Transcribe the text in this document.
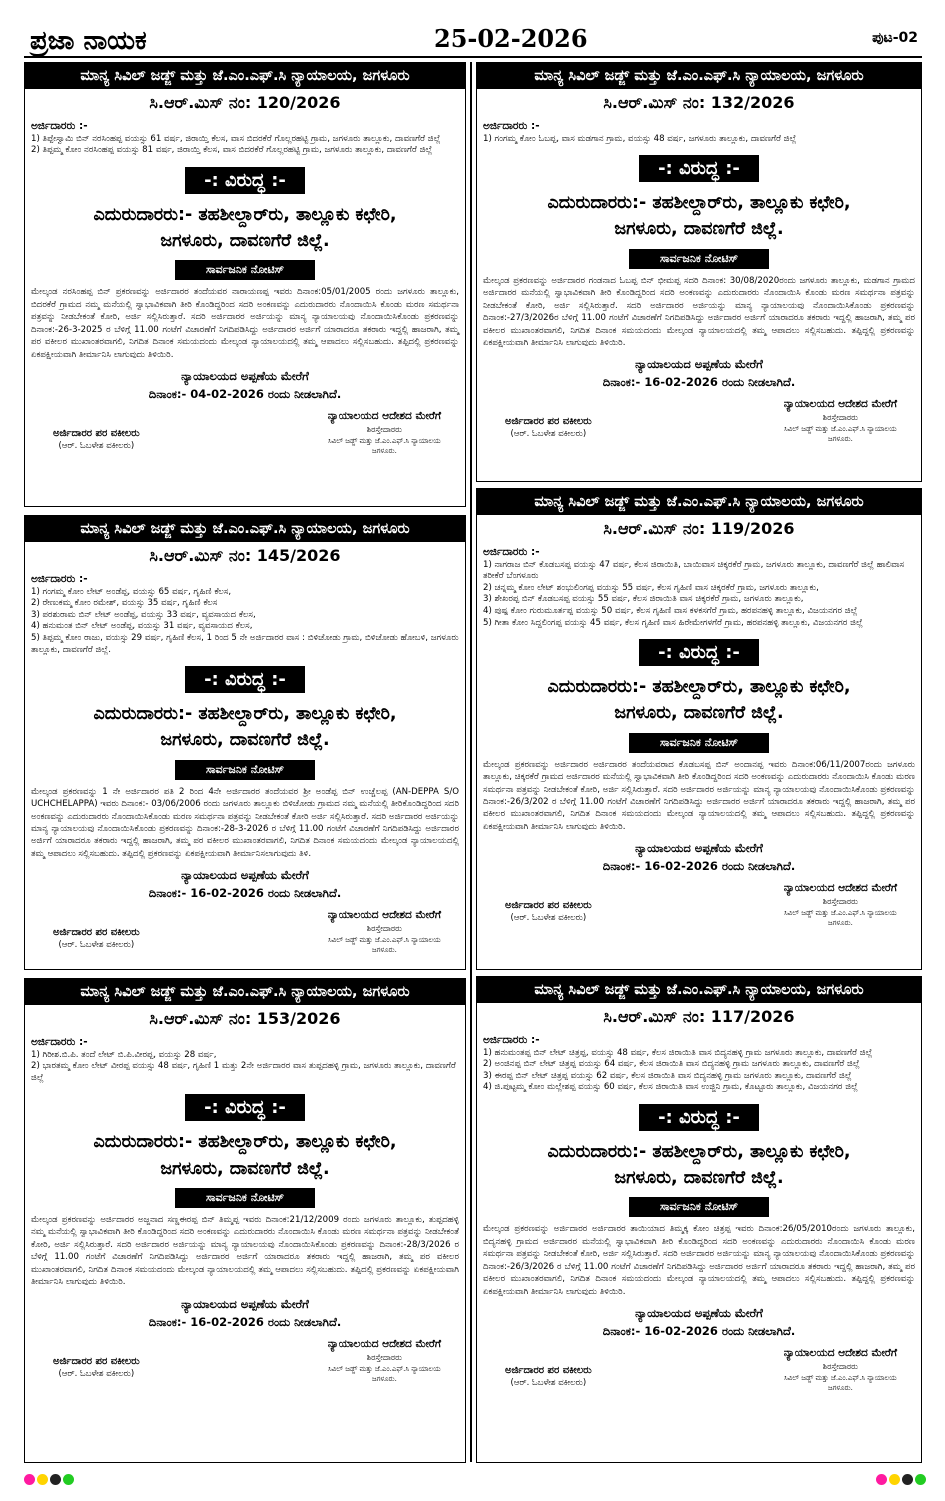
ಪ್ರಜಾ ನಾಯಕ	25-02-2026	ಪುಟ-02
ಮಾನ್ಯ ಸಿವಿಲ್ ಜಡ್ಜ್ ಮತ್ತು ಜೆ.ಎಂ.ಎಫ್.ಸಿ ನ್ಯಾಯಾಲಯ, ಜಗಳೂರು
ಸಿ.ಆರ್.ಮಿಸ್ ನಂ: 120/2026
ಅರ್ಜಿದಾರರು :-
1) ತಿಪ್ಪೇಸ್ವಾಮಿ ಬಿನ್ ನರಸಿಂಹಪ್ಪ ವಯಸ್ಸು 61 ವರ್ಷ, ಜಿರಾಯ್ತಿ ಕೆಲಸ, ವಾಸ ಬಿದರಕೆರೆ ಗೊಲ್ಲರಹಟ್ಟಿ ಗ್ರಾಮ, ಜಗಳೂರು ತಾಲ್ಲೂಕು, ದಾವಣಗೆರೆ ಜಿಲ್ಲೆ
2) ತಿಪ್ಪಮ್ಮ ಕೋಂ ನರಸಿಂಹಪ್ಪ ವಯಸ್ಸು 81 ವರ್ಷ, ಜಿರಾಯ್ತಿ ಕೆಲಸ, ವಾಸ ಬಿದರಕೆರೆ ಗೊಲ್ಲರಹಟ್ಟಿ ಗ್ರಾಮ, ಜಗಳೂರು ತಾಲ್ಲೂಕು, ದಾವಣಗೆರೆ ಜಿಲ್ಲೆ
-: ವಿರುದ್ಧ :-
ಎದುರುದಾರರು:- ತಹಶೀಲ್ದಾರ್‌ರು, ತಾಲ್ಲೂಕು ಕಛೇರಿ,
ಜಗಳೂರು, ದಾವಣಗೆರೆ ಜಿಲ್ಲೆ.
ಸಾರ್ವಜನಿಕ ನೋಟಿಸ್
ಮೇಲ್ಕಂಡ ನರಸಿಂಹಪ್ಪ ಬಿನ್ ಪ್ರಕರಣವನ್ನು ಅರ್ಜಿದಾರರ ತಂದೆಯವರ ನಾರಾಯಣಪ್ಪ ಇವರು ದಿನಾಂಕ:05/01/2005 ರಂದು ಜಗಳೂರು ತಾಲ್ಲೂಕು, ಬಿದರಕೆರೆ ಗ್ರಾಮದ ನಮ್ಮ ಮನೆಯಲ್ಲಿ ಸ್ವಾಭಾವಿಕವಾಗಿ ತೀರಿ ಕೊಂಡಿದ್ದರಿಂದ ಸದರಿ ಅಂಕಣವನ್ನು ಎದುರುದಾರರು ನೊಂದಾಯಿಸಿ ಕೊಂಡು ಮರಣ ಸಮರ್ಥನಾ ಪತ್ರವನ್ನು ನೀಡಬೇಕಂತೆ ಕೋರಿ, ಅರ್ಜಿ ಸಲ್ಲಿಸಿರುತ್ತಾರೆ. ಸದರಿ ಅರ್ಜಿದಾರರ ಅರ್ಜಿಯನ್ನು ಮಾನ್ಯ ನ್ಯಾಯಾಲಯವು ನೊಂದಾಯಿಸಿಕೊಂಡು ಪ್ರಕರಣವನ್ನು ದಿನಾಂಕ:-26-3-2025 ರ ಬೆಳಿಗ್ಗೆ 11.00 ಗಂಟೆಗೆ ವಿಚಾರಣೆಗೆ ನಿಗದಿಪಡಿಸಿದ್ದು ಅರ್ಜಿದಾರರ ಅರ್ಜಿಗೆ ಯಾರಾದರೂ ತಕರಾರು ಇದ್ದಲ್ಲಿ ಹಾಜರಾಗಿ, ತಮ್ಮ ಪರ ವಕೀಲರ ಮುಖಾಂತರವಾಗಲಿ, ನಿಗದಿತ ದಿನಾಂಕ ಸಮಯದಂದು ಮೇಲ್ಕಂಡ ನ್ಯಾಯಾಲಯದಲ್ಲಿ ತಮ್ಮ ಆಪಾದಲು ಸಲ್ಲಿಸಬಹುದು. ತಪ್ಪಿದಲ್ಲಿ ಪ್ರಕರಣವನ್ನು ಏಕಪಕ್ಷೀಯವಾಗಿ ತೀರ್ಮಾನಿಸಿ ಲಾಗುವುದು ತಿಳಿಯಿರಿ.
ನ್ಯಾಯಾಲಯದ ಅಪ್ಪಣೆಯ ಮೇರೆಗೆ
ದಿನಾಂಕ:- 04-02-2026 ರಂದು ನೀಡಲಾಗಿದೆ.
ಅರ್ಜಿದಾರರ ಪರ ವಕೀಲರು
(ಆರ್. ಓಬಳೇಶ ವಕೀಲರು)
ನ್ಯಾಯಾಲಯದ ಆದೇಶದ ಮೇರೆಗೆ
ಶಿರಸ್ತೇದಾರರು
ಸಿವಿಲ್ ಜಡ್ಜ್ ಮತ್ತು ಜೆ.ಎಂ.ಎಫ್.ಸಿ ನ್ಯಾಯಾಲಯ
ಜಗಳೂರು.
ಮಾನ್ಯ ಸಿವಿಲ್ ಜಡ್ಜ್ ಮತ್ತು ಜೆ.ಎಂ.ಎಫ್.ಸಿ ನ್ಯಾಯಾಲಯ, ಜಗಳೂರು
ಸಿ.ಆರ್.ಮಿಸ್ ನಂ: 132/2026
ಅರ್ಜಿದಾರರು :-
1) ಗಂಗಮ್ಮ ಕೋಂ ಓಬಪ್ಪ, ವಾಸ ಮಡಗಾನ ಗ್ರಾಮ, ವಯಸ್ಸು 48 ವರ್ಷ, ಜಗಳೂರು ತಾಲ್ಲೂಕು, ದಾವಣಗೆರೆ ಜಿಲ್ಲೆ
-: ವಿರುದ್ಧ :-
ಎದುರುದಾರರು:- ತಹಶೀಲ್ದಾರ್‌ರು, ತಾಲ್ಲೂಕು ಕಛೇರಿ,
ಜಗಳೂರು, ದಾವಣಗೆರೆ ಜಿಲ್ಲೆ.
ಸಾರ್ವಜನಿಕ ನೋಟಿಸ್
ಮೇಲ್ಕಂಡ ಪ್ರಕರಣವನ್ನು ಅರ್ಜಿದಾರರ ಗಂಡನಾದ ಓಬಪ್ಪ ಬಿನ್ ಭೀಮಪ್ಪ ಸದರಿ ದಿನಾಂಕ: 30/08/2020ರಂದು ಜಗಳೂರು ತಾಲ್ಲೂಕು, ಮಡಗಾನ ಗ್ರಾಮದ ಅರ್ಜಿದಾರರ ಮನೆಯಲ್ಲಿ ಸ್ವಾಭಾವಿಕವಾಗಿ ತೀರಿ ಕೊಂಡಿದ್ದರಿಂದ ಸದರಿ ಅಂಕಣವನ್ನು ಎದುರುದಾರರು ನೊಂದಾಯಿಸಿ ಕೊಂಡು ಮರಣ ಸಮರ್ಥನಾ ಪತ್ರವನ್ನು ನೀಡಬೇಕಂತೆ ಕೋರಿ, ಅರ್ಜಿ ಸಲ್ಲಿಸಿರುತ್ತಾರೆ. ಸದರಿ ಅರ್ಜಿದಾರರ ಅರ್ಜಿಯನ್ನು ಮಾನ್ಯ ನ್ಯಾಯಾಲಯವು ನೊಂದಾಯಿಸಿಕೊಂಡು ಪ್ರಕರಣವನ್ನು ದಿನಾಂಕ:-27/3/2026ರ ಬೆಳಿಗ್ಗೆ 11.00 ಗಂಟೆಗೆ ವಿಚಾರಣೆಗೆ ನಿಗದಿಪಡಿಸಿದ್ದು ಅರ್ಜಿದಾರರ ಅರ್ಜಿಗೆ ಯಾರಾದರೂ ತಕರಾರು ಇದ್ದಲ್ಲಿ ಹಾಜರಾಗಿ, ತಮ್ಮ ಪರ ವಕೀಲರ ಮುಖಾಂತರವಾಗಲಿ, ನಿಗದಿತ ದಿನಾಂಕ ಸಮಯದಂದು ಮೇಲ್ಕಂಡ ನ್ಯಾಯಾಲಯದಲ್ಲಿ ತಮ್ಮ ಆಪಾದಲು ಸಲ್ಲಿಸಬಹುದು. ತಪ್ಪಿದ್ದಲ್ಲಿ ಪ್ರಕರಣವನ್ನು ಏಕಪಕ್ಷೀಯವಾಗಿ ತೀರ್ಮಾನಿಸಿ ಲಾಗುವುದು ತಿಳಿಯಿರಿ.
ನ್ಯಾಯಾಲಯದ ಅಪ್ಪಣೆಯ ಮೇರೆಗೆ
ದಿನಾಂಕ:- 16-02-2026 ರಂದು ನೀಡಲಾಗಿದೆ.
ಅರ್ಜಿದಾರರ ಪರ ವಕೀಲರು
(ಆರ್. ಓಬಳೇಶ ವಕೀಲರು)
ನ್ಯಾಯಾಲಯದ ಆದೇಶದ ಮೇರೆಗೆ
ಶಿರಸ್ತೇದಾರರು
ಸಿವಿಲ್ ಜಡ್ಜ್ ಮತ್ತು ಜೆ.ಎಂ.ಎಫ್.ಸಿ ನ್ಯಾಯಾಲಯ
ಜಗಳೂರು.
ಮಾನ್ಯ ಸಿವಿಲ್ ಜಡ್ಜ್ ಮತ್ತು ಜೆ.ಎಂ.ಎಫ್.ಸಿ ನ್ಯಾಯಾಲಯ, ಜಗಳೂರು
ಸಿ.ಆರ್.ಮಿಸ್ ನಂ: 145/2026
ಅರ್ಜಿದಾರರು :-
1) ಗಂಗಮ್ಮ ಕೋಂ ಲೇಟ್ ಅಂಡೆಪ್ಪ, ವಯಸ್ಸು 65 ವರ್ಷ, ಗೃಹಿಣಿ ಕೆಲಸ,
2) ರೇಣುಕಮ್ಮ ಕೋಂ ರಮೇಶ್, ವಯಸ್ಸು 35 ವರ್ಷ, ಗೃಹಿಣಿ ಕೆಲಸ
3) ಪರಶುರಾಮ ಬಿನ್ ಲೇಟ್ ಅಂಡೆಪ್ಪ, ವಯಸ್ಸು 33 ವರ್ಷ, ವ್ಯವಸಾಯದ ಕೆಲಸ,
4) ಹನುಮಂತ ಬಿನ್ ಲೇಟ್ ಅಂಡೆಪ್ಪ, ವಯಸ್ಸು 31 ವರ್ಷ, ವ್ಯವಸಾಯದ ಕೆಲಸ,
5) ತಿಪ್ಪಮ್ಮ ಕೋಂ ರಾಜು, ವಯಸ್ಸು 29 ವರ್ಷ, ಗೃಹಿಣಿ ಕೆಲಸ, 1 ರಿಂದ 5 ನೇ ಅರ್ಜಿದಾರರ ವಾಸ : ಬಿಳಿಚೋಡು ಗ್ರಾಮ, ಬಿಳಿಚೋಡು ಹೋಬಳಿ, ಜಗಳೂರು ತಾಲ್ಲೂಕು, ದಾವಣಗೆರೆ ಜಿಲ್ಲೆ.
-: ವಿರುದ್ಧ :-
ಎದುರುದಾರರು:- ತಹಶೀಲ್ದಾರ್‌ರು, ತಾಲ್ಲೂಕು ಕಛೇರಿ,
ಜಗಳೂರು, ದಾವಣಗೆರೆ ಜಿಲ್ಲೆ.
ಸಾರ್ವಜನಿಕ ನೋಟಿಸ್
ಮೇಲ್ಕಂಡ ಪ್ರಕರಣವನ್ನು 1 ನೇ ಅರ್ಜಿದಾರರ ಪತಿ 2 ರಿಂದ 4ನೇ ಅರ್ಜಿದಾರರ ತಂದೆಯವರ ಶ್ರೀ ಅಂಡೆಪ್ಪ ಬಿನ್ ಉಚ್ಚೆಲಪ್ಪ (AN-DEPPA S/O UCHCHELAPPA) ಇವರು ದಿನಾಂಕ:- 03/06/2006 ರಂದು ಜಗಳೂರು ತಾಲ್ಲೂಕು ಬಿಳಿಚೋಡು ಗ್ರಾಮದ ನಮ್ಮ ಮನೆಯಲ್ಲಿ ತೀರಿಕೊಂಡಿದ್ದರಿಂದ ಸದರಿ ಅಂಕಣವನ್ನು ಎದುರುದಾರರು ನೊಂದಾಯಿಸಿಕೊಂಡು ಮರಣ ಸಮರ್ಥನಾ ಪತ್ರವನ್ನು ನೀಡಬೇಕಂತೆ ಕೋರಿ ಅರ್ಜಿ ಸಲ್ಲಿಸಿರುತ್ತಾರೆ. ಸದರಿ ಅರ್ಜಿದಾರರ ಅರ್ಜಿಯನ್ನು ಮಾನ್ಯ ನ್ಯಾಯಾಲಯವು ನೊಂದಾಯಿಸಿಕೊಂಡು ಪ್ರಕರಣವನ್ನು ದಿನಾಂಕ:-28-3-2026 ರ ಬೆಳಿಗ್ಗೆ 11.00 ಗಂಟೆಗೆ ವಿಚಾರಣೆಗೆ ನಿಗದಿಪಡಿಸಿದ್ದು ಅರ್ಜಿದಾರರ ಅರ್ಜಿಗೆ ಯಾರಾದರೂ ತಕರಾರು ಇದ್ದಲ್ಲಿ ಹಾಜರಾಗಿ, ತಮ್ಮ ಪರ ವಕೀಲರ ಮುಖಾಂತರವಾಗಲಿ, ನಿಗದಿತ ದಿನಾಂಕ ಸಮಯದಂದು ಮೇಲ್ಕಂಡ ನ್ಯಾಯಾಲಯದಲ್ಲಿ ತಮ್ಮ ಆಪಾದಲು ಸಲ್ಲಿಸಬಹುದು. ತಪ್ಪಿದಲ್ಲಿ ಪ್ರಕರಣವನ್ನು ಏಕಪಕ್ಷೀಯವಾಗಿ ತೀರ್ಮಾನಿಸಲಾಗುವುದು ತಿಳಿ.
ನ್ಯಾಯಾಲಯದ ಅಪ್ಪಣೆಯ ಮೇರೆಗೆ
ದಿನಾಂಕ:- 16-02-2026 ರಂದು ನೀಡಲಾಗಿದೆ.
ಅರ್ಜಿದಾರರ ಪರ ವಕೀಲರು
(ಆರ್. ಓಬಳೇಶ ವಕೀಲರು)
ನ್ಯಾಯಾಲಯದ ಆದೇಶದ ಮೇರೆಗೆ
ಶಿರಸ್ತೇದಾರರು
ಸಿವಿಲ್ ಜಡ್ಜ್ ಮತ್ತು ಜೆ.ಎಂ.ಎಫ್.ಸಿ ನ್ಯಾಯಾಲಯ
ಜಗಳೂರು.
ಮಾನ್ಯ ಸಿವಿಲ್ ಜಡ್ಜ್ ಮತ್ತು ಜೆ.ಎಂ.ಎಫ್.ಸಿ ನ್ಯಾಯಾಲಯ, ಜಗಳೂರು
ಸಿ.ಆರ್.ಮಿಸ್ ನಂ: 119/2026
ಅರ್ಜಿದಾರರು :-
1) ನಾಗರಾಜ ಬಿನ್ ಕೊಡಬಸಪ್ಪ ವಯಸ್ಸು 47 ವರ್ಷ, ಕೆಲಸ ಜಿರಾಯಿತಿ, ಬಾಯಿವಾಸ ಚಿಕ್ಕರಕೆರೆ ಗ್ರಾಮ, ಜಗಳೂರು ತಾಲ್ಲೂಕು, ದಾವಣಗೆರೆ ಜಿಲ್ಲೆ ಹಾಲಿವಾಸ ತರೀಕೆರೆ ಬೆಂಗಳೂರು
2) ಚನ್ನಮ್ಮ ಕೋಂ ಲೇಟ್ ಶಂಭುಲಿಂಗಪ್ಪ ವಯಸ್ಸು 55 ವರ್ಷ, ಕೆಲಸ ಗೃಹಿಣಿ ವಾಸ ಚಿಕ್ಕರಕೆರೆ ಗ್ರಾಮ, ಜಗಳೂರು ತಾಲ್ಲೂಕು,
3) ಶೇಖರಪ್ಪ ಬಿನ್ ಕೊಡಬಸಪ್ಪ ವಯಸ್ಸು 55 ವರ್ಷ, ಕೆಲಸ ಜಿರಾಯಿತಿ ವಾಸ ಚಿಕ್ಕರಕೆರೆ ಗ್ರಾಮ, ಜಗಳೂರು ತಾಲ್ಲೂಕು,
4) ಪುಷ್ಪ ಕೋಂ ಗುರುಮೂರ್ತಪ್ಪ ವಯಸ್ಸು 50 ವರ್ಷ, ಕೆಲಸ ಗೃಹಿಣಿ ವಾಸ ಕಳಕಸಗೆರೆ ಗ್ರಾಮ, ಹರಪನಹಳ್ಳಿ ತಾಲ್ಲೂಕು, ವಿಜಯನಗರ ಜಿಲ್ಲೆ
5) ಗೀತಾ ಕೋಂ ಸಿದ್ದಲಿಂಗಪ್ಪ ವಯಸ್ಸು 45 ವರ್ಷ, ಕೆಲಸ ಗೃಹಿಣಿ ವಾಸ ಹಿರೇಮೇಗಳಗೆರೆ ಗ್ರಾಮ, ಹರಪನಹಳ್ಳಿ ತಾಲ್ಲೂಕು, ವಿಜಯನಗರ ಜಿಲ್ಲೆ
-: ವಿರುದ್ಧ :-
ಎದುರುದಾರರು:- ತಹಶೀಲ್ದಾರ್‌ರು, ತಾಲ್ಲೂಕು ಕಛೇರಿ,
ಜಗಳೂರು, ದಾವಣಗೆರೆ ಜಿಲ್ಲೆ.
ಸಾರ್ವಜನಿಕ ನೋಟಿಸ್
ಮೇಲ್ಕಂಡ ಪ್ರಕರಣವನ್ನು ಅರ್ಜಿದಾರರ ಅರ್ಜಿದಾರರ ತಂದೆಯವರಾದ ಕೊಡಬಸಪ್ಪ ಬಿನ್ ಅಂದಾನಪ್ಪ ಇವರು ದಿನಾಂಕ:06/11/2007ರಂದು ಜಗಳೂರು ತಾಲ್ಲೂಕು, ಚಿಕ್ಕರಕೆರೆ ಗ್ರಾಮದ ಅರ್ಜಿದಾರರ ಮನೆಯಲ್ಲಿ ಸ್ವಾಭಾವಿಕವಾಗಿ ತೀರಿ ಕೊಂಡಿದ್ದರಿಂದ ಸದರಿ ಅಂಕಣವನ್ನು ಎದುರುದಾರರು ನೊಂದಾಯಿಸಿ ಕೊಂಡು ಮರಣ ಸಮರ್ಥನಾ ಪತ್ರವನ್ನು ನೀಡಬೇಕಂತೆ ಕೋರಿ, ಅರ್ಜಿ ಸಲ್ಲಿಸಿರುತ್ತಾರೆ. ಸದರಿ ಅರ್ಜಿದಾರರ ಅರ್ಜಿಯನ್ನು ಮಾನ್ಯ ನ್ಯಾಯಾಲಯವು ನೊಂದಾಯಿಸಿಕೊಂಡು ಪ್ರಕರಣವನ್ನು ದಿನಾಂಕ:-26/3/202 ರ ಬೆಳಿಗ್ಗೆ 11.00 ಗಂಟೆಗೆ ವಿಚಾರಣೆಗೆ ನಿಗದಿಪಡಿಸಿದ್ದು ಅರ್ಜಿದಾರರ ಅರ್ಜಿಗೆ ಯಾರಾದರೂ ತಕರಾರು ಇದ್ದಲ್ಲಿ ಹಾಜರಾಗಿ, ತಮ್ಮ ಪರ ವಕೀಲರ ಮುಖಾಂತರವಾಗಲಿ, ನಿಗದಿತ ದಿನಾಂಕ ಸಮಯದಂದು ಮೇಲ್ಕಂಡ ನ್ಯಾಯಾಲಯದಲ್ಲಿ ತಮ್ಮ ಆಪಾದಲು ಸಲ್ಲಿಸಬಹುದು. ತಪ್ಪಿದ್ದಲ್ಲಿ ಪ್ರಕರಣವನ್ನು ಏಕಪಕ್ಷೀಯವಾಗಿ ತೀರ್ಮಾನಿಸಿ ಲಾಗುವುದು ತಿಳಿಯಿರಿ.
ನ್ಯಾಯಾಲಯದ ಅಪ್ಪಣೆಯ ಮೇರೆಗೆ
ದಿನಾಂಕ:- 16-02-2026 ರಂದು ನೀಡಲಾಗಿದೆ.
ಅರ್ಜಿದಾರರ ಪರ ವಕೀಲರು
(ಆರ್. ಓಬಳೇಶ ವಕೀಲರು)
ನ್ಯಾಯಾಲಯದ ಆದೇಶದ ಮೇರೆಗೆ
ಶಿರಸ್ತೇದಾರರು
ಸಿವಿಲ್ ಜಡ್ಜ್ ಮತ್ತು ಜೆ.ಎಂ.ಎಫ್.ಸಿ ನ್ಯಾಯಾಲಯ
ಜಗಳೂರು.
ಮಾನ್ಯ ಸಿವಿಲ್ ಜಡ್ಜ್ ಮತ್ತು ಜೆ.ಎಂ.ಎಫ್.ಸಿ ನ್ಯಾಯಾಲಯ, ಜಗಳೂರು
ಸಿ.ಆರ್.ಮಿಸ್ ನಂ: 153/2026
ಅರ್ಜಿದಾರರು :-
1) ಗಿರೀಶ.ಬಿ.ಪಿ. ತಂದೆ ಲೇಟ್ ಬಿ.ಪಿ.ವೀರಪ್ಪ, ವಯಸ್ಸು 28 ವರ್ಷ,
2) ಭಾರತಮ್ಮ ಕೋಂ ಲೇಟ್ ವೀರಪ್ಪ ವಯಸ್ಸು 48 ವರ್ಷ, ಗೃಹಿಣಿ 1 ಮತ್ತು 2ನೇ ಅರ್ಜಿದಾರರ ವಾಸ ತುಪ್ಪದಹಳ್ಳಿ ಗ್ರಾಮ, ಜಗಳೂರು ತಾಲ್ಲೂಕು, ದಾವಣಗೆರೆ ಜಿಲ್ಲೆ
-: ವಿರುದ್ಧ :-
ಎದುರುದಾರರು:- ತಹಶೀಲ್ದಾರ್‌ರು, ತಾಲ್ಲೂಕು ಕಛೇರಿ,
ಜಗಳೂರು, ದಾವಣಗೆರೆ ಜಿಲ್ಲೆ.
ಸಾರ್ವಜನಿಕ ನೋಟಿಸ್
ಮೇಲ್ಕಂಡ ಪ್ರಕರಣವನ್ನು ಅರ್ಜಿದಾರರ ಅಜ್ಜನಾದ ಸಣ್ಣಈರಪ್ಪ ಬಿನ್ ತಿಮ್ಮಪ್ಪ ಇವರು ದಿನಾಂಕ:21/12/2009 ರಂದು ಜಗಳೂರು ತಾಲ್ಲೂಕು, ತುಪ್ಪದಹಳ್ಳಿ ನಮ್ಮ ಮನೆಯಲ್ಲಿ ಸ್ವಾಭಾವಿಕವಾಗಿ ತೀರಿ ಕೊಂಡಿದ್ದರಿಂದ ಸದರಿ ಅಂಕಣವನ್ನು ಎದುರುದಾರರು ನೊಂದಾಯಿಸಿ ಕೊಂಡು ಮರಣ ಸಮರ್ಥನಾ ಪತ್ರವನ್ನು ನೀಡಬೇಕಂತೆ ಕೋರಿ, ಅರ್ಜಿ ಸಲ್ಲಿಸಿರುತ್ತಾರೆ. ಸದರಿ ಅರ್ಜಿದಾರರ ಅರ್ಜಿಯನ್ನು ಮಾನ್ಯ ನ್ಯಾಯಾಲಯವು ನೊಂದಾಯಿಸಿಕೊಂಡು ಪ್ರಕರಣವನ್ನು ದಿನಾಂಕ:-28/3/2026 ರ ಬೆಳಿಗ್ಗೆ 11.00 ಗಂಟೆಗೆ ವಿಚಾರಣೆಗೆ ನಿಗದಿಪಡಿಸಿದ್ದು ಅರ್ಜಿದಾರರ ಅರ್ಜಿಗೆ ಯಾರಾದರೂ ತಕರಾರು ಇದ್ದಲ್ಲಿ ಹಾಜರಾಗಿ, ತಮ್ಮ ಪರ ವಕೀಲರ ಮುಖಾಂತರವಾಗಲಿ, ನಿಗದಿತ ದಿನಾಂಕ ಸಮಯದಂದು ಮೇಲ್ಕಂಡ ನ್ಯಾಯಾಲಯದಲ್ಲಿ ತಮ್ಮ ಆಪಾದಲು ಸಲ್ಲಿಸಬಹುದು. ತಪ್ಪಿದಲ್ಲಿ ಪ್ರಕರಣವನ್ನು ಏಕಪಕ್ಷೀಯವಾಗಿ ತೀರ್ಮಾನಿಸಿ ಲಾಗುವುದು ತಿಳಿಯಿರಿ.
ನ್ಯಾಯಾಲಯದ ಅಪ್ಪಣೆಯ ಮೇರೆಗೆ
ದಿನಾಂಕ:- 16-02-2026 ರಂದು ನೀಡಲಾಗಿದೆ.
ಅರ್ಜಿದಾರರ ಪರ ವಕೀಲರು
(ಆರ್. ಓಬಳೇಶ ವಕೀಲರು)
ನ್ಯಾಯಾಲಯದ ಆದೇಶದ ಮೇರೆಗೆ
ಶಿರಸ್ತೇದಾರರು
ಸಿವಿಲ್ ಜಡ್ಜ್ ಮತ್ತು ಜೆ.ಎಂ.ಎಫ್.ಸಿ ನ್ಯಾಯಾಲಯ
ಜಗಳೂರು.
ಮಾನ್ಯ ಸಿವಿಲ್ ಜಡ್ಜ್ ಮತ್ತು ಜೆ.ಎಂ.ಎಫ್.ಸಿ ನ್ಯಾಯಾಲಯ, ಜಗಳೂರು
ಸಿ.ಆರ್.ಮಿಸ್ ನಂ: 117/2026
ಅರ್ಜಿದಾರರು :-
1) ಹನುಮಂತಪ್ಪ ಬಿನ್ ಲೇಟ್ ಚಿತ್ರಪ್ಪ, ವಯಸ್ಸು 48 ವರ್ಷ, ಕೆಲಸ ಜಿರಾಯಿತಿ ವಾಸ ಬಿದ್ಯನಹಳ್ಳಿ ಗ್ರಾಮ ಜಗಳೂರು ತಾಲ್ಲೂಕು, ದಾವಣಗೆರೆ ಜಿಲ್ಲೆ
2) ಅಂಜಿನಪ್ಪ ಬಿನ್ ಲೇಟ್ ಚಿತ್ರಪ್ಪ ವಯಸ್ಸು 64 ವರ್ಷ, ಕೆಲಸ ಜಿರಾಯಿತಿ ವಾಸ ಬಿದ್ಯನಹಳ್ಳಿ ಗ್ರಾಮ ಜಗಳೂರು ತಾಲ್ಲೂಕು, ದಾವಣಗೆರೆ ಜಿಲ್ಲೆ
3) ಈರಪ್ಪ ಬಿನ್ ಲೇಟ್ ಚಿತ್ರಪ್ಪ ವಯಸ್ಸು 62 ವರ್ಷ, ಕೆಲಸ ಜಿರಾಯಿತಿ ವಾಸ ಬಿದ್ಯನಹಳ್ಳಿ ಗ್ರಾಮ ಜಗಳೂರು ತಾಲ್ಲೂಕು, ದಾವಣಗೆರೆ ಜಿಲ್ಲೆ
4) ಜಿ.ಪುಟ್ಟಮ್ಮ ಕೋಂ ಮಲ್ಲೇಶಪ್ಪ ವಯಸ್ಸು 60 ವರ್ಷ, ಕೆಲಸ ಜಿರಾಯಿತಿ ವಾಸ ಉಜ್ಜಿನಿ ಗ್ರಾಮ, ಕೊಟ್ಟೂರು ತಾಲ್ಲೂಕು, ವಿಜಯನಗರ ಜಿಲ್ಲೆ
-: ವಿರುದ್ಧ :-
ಎದುರುದಾರರು:- ತಹಶೀಲ್ದಾರ್‌ರು, ತಾಲ್ಲೂಕು ಕಛೇರಿ,
ಜಗಳೂರು, ದಾವಣಗೆರೆ ಜಿಲ್ಲೆ.
ಸಾರ್ವಜನಿಕ ನೋಟಿಸ್
ಮೇಲ್ಕಂಡ ಪ್ರಕರಣವನ್ನು ಅರ್ಜಿದಾರರ ಅರ್ಜಿದಾರರ ತಾಯಿಯಾದ ತಿಮ್ಮಕ್ಕ ಕೋಂ ಚಿತ್ರಪ್ಪ ಇವರು ದಿನಾಂಕ:26/05/2010ರಂದು ಜಗಳೂರು ತಾಲ್ಲೂಕು, ಬಿದ್ಯನಹಳ್ಳಿ ಗ್ರಾಮದ ಅರ್ಜಿದಾರರ ಮನೆಯಲ್ಲಿ ಸ್ವಾಭಾವಿಕವಾಗಿ ತೀರಿ ಕೊಂಡಿದ್ದರಿಂದ ಸದರಿ ಅಂಕಣವನ್ನು ಎದುರುದಾರರು ನೊಂದಾಯಿಸಿ ಕೊಂಡು ಮರಣ ಸಮರ್ಥನಾ ಪತ್ರವನ್ನು ನೀಡಬೇಕಂತೆ ಕೋರಿ, ಅರ್ಜಿ ಸಲ್ಲಿಸಿರುತ್ತಾರೆ. ಸದರಿ ಅರ್ಜಿದಾರರ ಅರ್ಜಿಯನ್ನು ಮಾನ್ಯ ನ್ಯಾಯಾಲಯವು ನೊಂದಾಯಿಸಿಕೊಂಡು ಪ್ರಕರಣವನ್ನು ದಿನಾಂಕ:-26/3/2026 ರ ಬೆಳಿಗ್ಗೆ 11.00 ಗಂಟೆಗೆ ವಿಚಾರಣೆಗೆ ನಿಗದಿಪಡಿಸಿದ್ದು ಅರ್ಜಿದಾರರ ಅರ್ಜಿಗೆ ಯಾರಾದರೂ ತಕರಾರು ಇದ್ದಲ್ಲಿ ಹಾಜರಾಗಿ, ತಮ್ಮ ಪರ ವಕೀಲರ ಮುಖಾಂತರವಾಗಲಿ, ನಿಗದಿತ ದಿನಾಂಕ ಸಮಯದಂದು ಮೇಲ್ಕಂಡ ನ್ಯಾಯಾಲಯದಲ್ಲಿ ತಮ್ಮ ಆಪಾದಲು ಸಲ್ಲಿಸಬಹುದು. ತಪ್ಪಿದ್ದಲ್ಲಿ ಪ್ರಕರಣವನ್ನು ಏಕಪಕ್ಷೀಯವಾಗಿ ತೀರ್ಮಾನಿಸಿ ಲಾಗುವುದು ತಿಳಿಯಿರಿ.
ನ್ಯಾಯಾಲಯದ ಅಪ್ಪಣೆಯ ಮೇರೆಗೆ
ದಿನಾಂಕ:- 16-02-2026 ರಂದು ನೀಡಲಾಗಿದೆ.
ಅರ್ಜಿದಾರರ ಪರ ವಕೀಲರು
(ಆರ್. ಓಬಳೇಶ ವಕೀಲರು)
ನ್ಯಾಯಾಲಯದ ಆದೇಶದ ಮೇರೆಗೆ
ಶಿರಸ್ತೇದಾರರು
ಸಿವಿಲ್ ಜಡ್ಜ್ ಮತ್ತು ಜೆ.ಎಂ.ಎಫ್.ಸಿ ನ್ಯಾಯಾಲಯ
ಜಗಳೂರು.
